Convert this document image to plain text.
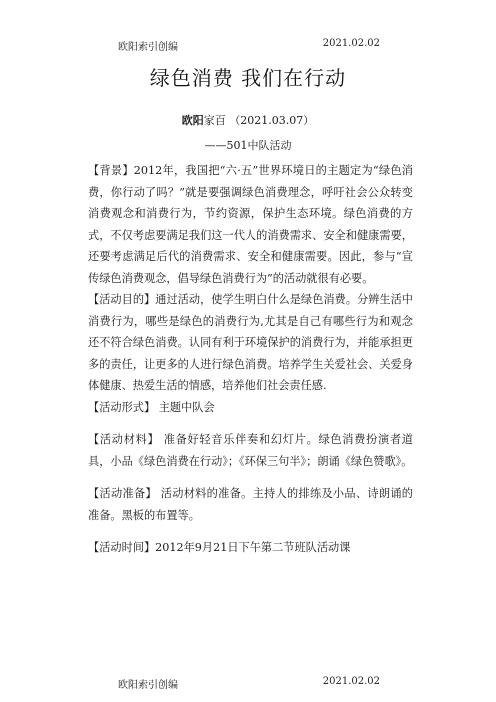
欧阳索引创编	2021.02.02
绿色消费 我们在行动
欧阳家百 （2021.03.07）
——501中队活动

【背景】2012年，我国把“六·五”世界环境日的主题定为“绿色消费，你行动了吗？”就是要强调绿色消费理念，呼吁社会公众转变消费观念和消费行为，节约资源，保护生态环境。绿色消费的方式，不仅考虑要满足我们这一代人的消费需求、安全和健康需要，还要考虑满足后代的消费需求、安全和健康需要。因此，参与“宣传绿色消费观念，倡导绿色消费行为”的活动就很有必要。

【活动目的】通过活动，使学生明白什么是绿色消费。分辨生活中消费行为，哪些是绿色的消费行为,尤其是自己有哪些行为和观念还不符合绿色消费。认同有利于环境保护的消费行为，并能承担更多的责任，让更多的人进行绿色消费。培养学生关爱社会、关爱身体健康、热爱生活的情感，培养他们社会责任感.

【活动形式】 主题中队会

【活动材料】 准备好轻音乐伴奏和幻灯片。绿色消费扮演者道具，小品《绿色消费在行动》；《环保三句半》；朗诵《绿色赞歌》。

【活动准备】 活动材料的准备。主持人的排练及小品、诗朗诵的准备。黑板的布置等。

【活动时间】2012年9月21日下午第二节班队活动课

欧阳索引创编	2021.02.02
